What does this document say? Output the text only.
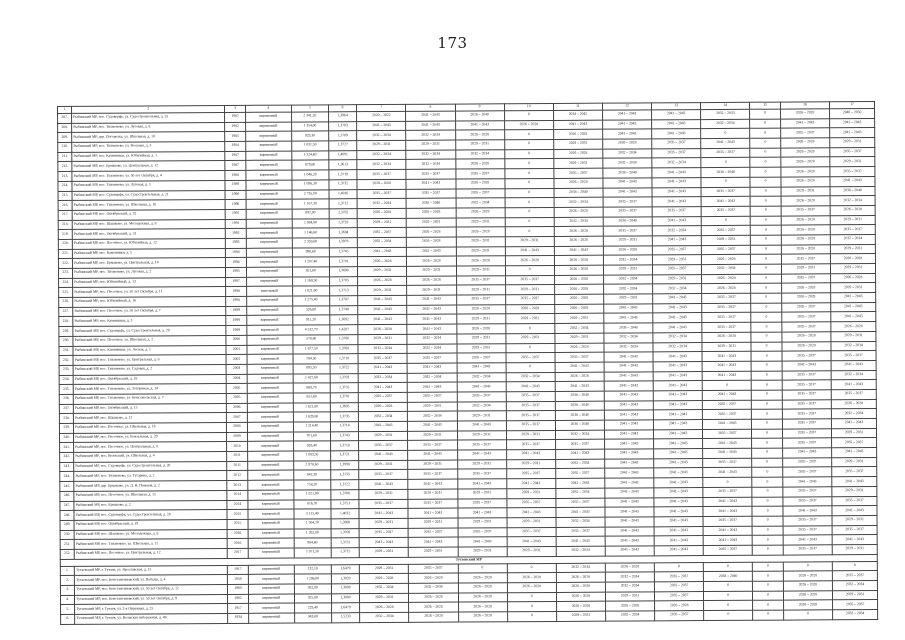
173
1	2	3	4	5	6	7	8	9	10	11	12	13	14	15	16	17
207.	Рыбинский МР, пос. Судоверфь, ул. Судостроительная, д. 25	1987	кирпичный	2 341,20	1,3964	2020 – 2022	2041 – 2043	2026 – 2040	0	2034 – 2045	2041 – 2043	2041 – 2043	2032 – 2033	0	2026 – 2028	2040 – 2050
208.	Рыбинский МР, пос. Тихменево, ул. Луговая, д. 6	1982	кирпичный	1 354,00	1,3703	2041 – 2043	2041 – 2043	2041 – 2043	2026 – 2028	2041 – 2043	2041 – 2043	2041 – 2043	2032 – 2034	0	2041 – 2043	2041 – 2043
209.	Рыбинский МР, дер. Погорелка, ул. Школьная, д. 10	1985	кирпичный	929,30	1,3709	2032 – 2034	2032 – 2034	2026 – 2028	0	2026 – 2028	2041 – 2043	2041 – 2043	0	0	2035 – 2037	2041 – 2043
210.	Рыбинский МР, пос. Тихменево, ул. Восьмая, д. 3	1984	кирпичный	1 031,50	1,3727	2029 – 2031	2029 – 2031	2029 – 2031	0	2029 – 2031	2026 – 2028	2035 – 2037	2041 – 2043	0	2026 – 2028	2029 – 2031
211.	Рыбинский МР, пос. Каменники, ул. Юбилейная, д. 1	1987	кирпичный	1 124,60	1,4091	2032 – 2034	2032 – 2034	2032 – 2034	0	2026 – 2028	2032 – 2034	2035 – 2037	2035 – 2037	0	2026 – 2028	2035 – 2037
212.	Рыбинский МР, пос. Ермаково, ул. Центральная, д. 12	1987	кирпичный	879,60	1,3613	2032 – 2034	2032 – 2034	2026 – 2028	0	2029 – 2031	2032 – 2034	2032 – 2034	0	0	2026 – 2028	2029 – 2031
213.	Рыбинский МР, пос. Тихменево, ул. 50 лет Октября, д. 4	1988	кирпичный	1 046,20	1,3719	2035 – 2037	2035 – 2037	2035 – 2037	0	2035 – 2037	2038 – 2040	2041 – 2043	2038 – 2040	0	2026 – 2028	2035 – 2037
214.	Рыбинский МР, пос. Тихменево, ул. Луговая, д. 5	1989	кирпичный	1 096,30	1,3732	2026 – 2028	2041 – 2043	2026 – 2028	0	2026 – 2028	2041 – 2043	2041 – 2043	0	0	2026 – 2028	2041 – 2043
215.	Рыбинский МР, пос. Судоверфь, ул. Судостроительная, д. 21	1990	кирпичный	2 735,00	1,4016	2035 – 2037	2035 – 2037	2035 – 2037	0	2038 – 2040	2041 – 2043	2041 – 2043	2035 – 2037	0	2029 – 2031	2038 – 2040
216.	Рыбинский МР, пос. Тихменево, ул. Школьная, д. 16	1990	кирпичный	1 167,30	1,3712	2032 – 2034	2038 – 2040	2032 – 2034	0	2032 – 2034	2035 – 2037	2041 – 2043	2041 – 2043	0	2026 – 2028	2032 – 2034
217.	Рыбинский МР, пос. Октябрьский, д. 32	1992	кирпичный	897,90	1,3702	2026 – 2028	2026 – 2028	2026 – 2028	0	2026 – 2028	2035 – 2037	2035 – 2037	2035 – 2037	0	2035 – 2037	2026 – 2028
218.	Рыбинский МР, пос. Шашково, ул. Молодежная, д. 8	1991	кирпичный	1 084,80	1,3728	2029 – 2031	2029 – 2031	2029 – 2031	0	2032 – 2034	2038 – 2040	2041 – 2043	0	0	2026 – 2028	2029 – 2031
219.	Рыбинский МР, пос. Октябрьский, д. 31	1992	кирпичный	1 146,60	1,3694	2035 – 2037	2026 – 2028	2026 – 2028	0	2026 – 2028	2035 – 2037	2032 – 2034	2035 – 2037	0	2026 – 2028	2035 – 2037
220.	Рыбинский МР, пос. Песочное, ул. Юбилейная, д. 12	1993	кирпичный	2 350,60	1,3976	2032 – 2034	2026 – 2028	2029 – 2031	2029 – 2031	2026 – 2028	2029 – 2031	2041 – 2043	2029 – 2031	0	2026 – 2028	2032 – 2034
221.	Рыбинский МР, пос. Каменники, д. 5	1994	кирпичный	990,60	1,3745	2041 – 2043	2041 – 2043	2029 – 2031	2041 – 2043	2041 – 2043	2026 – 2028	2035 – 2037	2035 – 2037	0	2026 – 2028	2029 – 2031
222.	Рыбинский МР, пос. Ермаково, ул. Центральная, д. 14	1994	кирпичный	1 207,40	1,3701	2026 – 2028	2026 – 2028	2026 – 2028	2026 – 2028	2026 – 2028	2032 – 2034	2029 – 2031	2026 – 2028	0	2035 – 2037	2026 – 2028
223.	Рыбинский МР, пос. Тихменево, ул. Луговая, д. 2	1995	кирпичный	851,00	1,3690	2029 – 2031	2029 – 2031	2029 – 2031	0	2026 – 2028	2029 – 2031	2035 – 2037	2032 – 2034	0	2029 – 2031	2029 – 2031
224.	Рыбинский МР, пос. Юбилейный, д. 13	1997	кирпичный	1 160,50	1,3705	2026 – 2028	2026 – 2028	2035 – 2037	2035 – 2037	2026 – 2028	2032 – 2034	2029 – 2031	2026 – 2028	0	2035 – 2037	2026 – 2028
225.	Рыбинский МР, пос. Песочное, ул. 50 лет Октября, д. 11	1998	панельный	1 021,60	1,3713	2029 – 2031	2029 – 2031	2029 – 2031	2029 – 2031	2026 – 2028	2032 – 2034	2032 – 2034	2026 – 2028	0	2026 – 2028	2029 – 2031
226.	Рыбинский МР, пос. Юбилейный, д. 16	1998	кирпичный	1 275,40	1,3707	2041 – 2043	2041 – 2043	2035 – 2037	2035 – 2037	2026 – 2028	2029 – 2031	2041 – 2043	2035 – 2037	0	2026 – 2028	2041 – 2043
227.	Рыбинский МР, пос. Песочное, ул. 50 лет Октября, д. 7	1999	кирпичный	526,00	1,3748	2041 – 2043	2041 – 2043	2026 – 2028	2026 – 2028	2026 – 2028	2041 – 2043	2041 – 2043	2035 – 2037	0	2035 – 2037	2041 – 2043
228.	Рыбинский МР, пос. Каменники, д. 3	1999	кирпичный	911,20	1,3692	2041 – 2043	2041 – 2043	2029 – 2031	2029 – 2031	2029 – 2031	2041 – 2043	2041 – 2043	2035 – 2037	0	2035 – 2037	2041 – 2043
229.	Рыбинский МР, пос. Судоверфь, ул. Судостроительная, д. 29	1999	кирпичный	4 532,70	1,4207	2026 – 2028	2041 – 2043	2026 – 2028	0	2032 – 2034	2038 – 2040	2041 – 2043	2035 – 2037	0	2035 – 2037	2026 – 2028
230.	Рыбинский МР, пос. Песочное, ул. Школьная, д. 2	2000	кирпичный	578,60	1,3760	2029 – 2031	2032 – 2034	2029 – 2031	2029 – 2031	2029 – 2031	2032 – 2034	2032 – 2034	2026 – 2028	0	2026 – 2028	2029 – 2031
231.	Рыбинский МР, пос. Каменники, ул. Лесная, д. 1	2001	кирпичный	1 677,50	1,3768	2032 – 2034	2032 – 2034	2029 – 2031	0	2026 – 2028	2032 – 2034	2032 – 2034	2029 – 2031	0	2026 – 2028	2032 – 2034
232.	Рыбинский МР, пос. Тихменево, ул. Центральная, д. 6	2002	кирпичный	784,50	1,3718	2035 – 2037	2035 – 2037	2035 – 2037	2035 – 2037	2035 – 2037	2041 – 2043	2041 – 2043	2041 – 2043	0	2035 – 2037	2035 – 2037
233.	Рыбинский МР, пос. Тихменево, ул. Садовая, д. 2	2003	кирпичный	895,50	1,3722	2041 – 2043	2041 – 2043	2041 – 2043	0	2041 – 2043	2041 – 2043	2041 – 2043	2041 – 2043	0	2041 – 2043	2041 – 2043
234.	Рыбинский МР, пос. Октябрьский, д. 16	2004	кирпичный	1 427,60	1,3703	2032 – 2034	2032 – 2034	2032 – 2034	2032 – 2034	2026 – 2028	2041 – 2043	2041 – 2043	2041 – 2043	0	2035 – 2037	2032 – 2034
235.	Рыбинский МР, пос. Тихменево, ул. Тепличная, д. 14	2005	кирпичный	869,70	1,3755	2041 – 2043	2041 – 2043	2041 – 2043	2041 – 2043	2041 – 2043	2041 – 2043	2041 – 2043	0	0	2035 – 2037	2041 – 2043
236.	Рыбинский МР, пос. Тихменево, ул. Комсомольская, д. 7	2005	кирпичный	651,60	1,3781	2035 – 2037	2035 – 2037	2035 – 2037	2035 – 2037	2038 – 2040	2041 – 2043	2041 – 2043	2041 – 2043	0	2035 – 2037	2035 – 2037
237.	Рыбинский МР, пос. Октябрьский, д. 15	2006	кирпичный	1 621,80	1,3695	2026 – 2028	2029 – 2031	2032 – 2034	2035 – 2037	2038 – 2040	2041 – 2043	2041 – 2043	2035 – 2037	0	2035 – 2037	2026 – 2028
238.	Рыбинский МР, пос. Шашково, д. 12	2007	кирпичный	1 829,60	1,3735	2032 – 2034	2032 – 2034	2029 – 2031	2035 – 2037	2038 – 2040	2041 – 2043	2041 – 2043	2035 – 2037	0	2035 – 2037	2032 – 2034
239.	Рыбинский МР, пос. Песочное, ул. Школьная, д. 16	2008	кирпичный	1 214,40	1,3714	2041 – 2043	2041 – 2043	2041 – 2043	2035 – 2037	2038 – 2040	2041 – 2043	2041 – 2043	2041 – 2043	0	2035 – 2037	2041 – 2043
240.	Рыбинский МР, пос. Песочное, ул. Вокзальная, д. 29	2009	кирпичный	971,60	1,3743	2029 – 2031	2029 – 2031	2029 – 2031	2029 – 2031	2032 – 2034	2041 – 2043	2041 – 2043	2035 – 2037	0	2035 – 2037	2029 – 2031
241.	Рыбинский МР, пос. Песочное, ул. Центральная, д. 8	2010	кирпичный	926,40	1,3710	2035 – 2037	2035 – 2037	2035 – 2037	2035 – 2037	2035 – 2037	2041 – 2043	2041 – 2043	2041 – 2043	0	2035 – 2037	2035 – 2037
242.	Рыбинский МР, пос. Волжский, ул. Школьная, д. 4	2011	кирпичный	1 093,50	1,3721	2041 – 2043	2041 – 2043	2041 – 2043	2041 – 2043	2041 – 2043	2041 – 2043	2041 – 2043	2041 – 2043	0	2041 – 2043	2041 – 2043
243.	Рыбинский МР, пос. Судоверфь, ул. Судостроительная, д. 20	2011	кирпичный	2 970,60	1,3998	2029 – 2031	2029 – 2031	2029 – 2031	2029 – 2031	2032 – 2034	2041 – 2043	2041 – 2043	2035 – 2037	0	2035 – 2037	2029 – 2031
244.	Рыбинский МР, пос. Тихменево, ул. Тугарина, д. 2	2012	кирпичный	842,30	1,3735	2035 – 2037	2035 – 2037	2035 – 2037	2035 – 2037	2035 – 2037	2041 – 2043	2041 – 2043	2041 – 2043	0	2035 – 2037	2035 – 2037
245.	Рыбинский МР, дер. Ермаково, ул. Д. Н. Пеньков, д. 2	2013	кирпичный	758,20	1,3722	2041 – 2043	2041 – 2043	2041 – 2043	2041 – 2043	2041 – 2043	2041 – 2043	2041 – 2043	0	0	2041 – 2043	2041 – 2043
246.	Рыбинский МР, пос. Песочное, ул. Школьная, д. 15	2014	кирпичный	1 021,90	1,3706	2029 – 2031	2029 – 2031	2029 – 2031	2029 – 2031	2032 – 2034	2041 – 2043	2041 – 2043	2035 – 2037	0	2035 – 2037	2029 – 2031
247.	Рыбинский МР, пос. Ермаково, д. 2	2014	кирпичный	816,70	1,3751	2035 – 2037	2035 – 2037	2035 – 2037	2035 – 2037	2035 – 2037	2041 – 2043	2041 – 2043	2041 – 2043	0	2035 – 2037	2035 – 2037
248.	Рыбинский МР, пос. Судоверфь, ул. Судостроительная, д. 28	2015	кирпичный	3 115,40	1,4032	2041 – 2043	2041 – 2043	2041 – 2043	2041 – 2043	2041 – 2043	2041 – 2043	2041 – 2043	2041 – 2043	0	2041 – 2043	2041 – 2043
249.	Рыбинский МР, пос. Октябрьский, д. 19	2015	кирпичный	1 564,10	1,3698	2029 – 2031	2029 – 2031	2029 – 2031	2029 – 2031	2032 – 2034	2041 – 2043	2041 – 2043	2035 – 2037	0	2035 – 2037	2029 – 2031
250.	Рыбинский МР, пос. Шашково, ул. Молодежная, д. 6	2016	кирпичный	1 262,80	1,3709	2035 – 2037	2035 – 2037	2035 – 2037	2035 – 2037	2035 – 2037	2041 – 2043	2041 – 2043	2041 – 2043	0	2035 – 2037	2035 – 2037
251.	Рыбинский МР, пос. Тихменево, ул. Школьная, д. 11	2016	кирпичный	984,60	1,3731	2041 – 2043	2041 – 2043	2041 – 2043	2041 – 2043	2041 – 2043	2041 – 2043	2041 – 2043	2041 – 2043	0	2041 – 2043	2041 – 2043
252.	Рыбинский МР, пос. Песочное, ул. Центральная, д. 12	2017	кирпичный	1 071,50	1,3715	2029 – 2031	2029 – 2031	2029 – 2031	2029 – 2031	2032 – 2034	2041 – 2043	2041 – 2043	2035 – 2037	0	2035 – 2037	2029 – 2031
Тутаевский МР																
1.	Тутаевский МР, г. Тутаев, ул. Ярославская, д. 15	1917	кирпичный	232,10	1,6479	2029 – 2031	2035 – 2037	0	0	2032 – 2034	2026 – 2028	0	0	0	0	0
2.	Тутаевский МР, пос. Константиновский, ул. Победы, д. 4	1959	кирпичный	1 286,00	1,3820	2026 – 2028	2026 – 2028	2026 – 2028	2026 – 2028	2026 – 2028	2032 – 2034	2035 – 2037	2038 – 2040	0	2026 – 2028	2035 – 2037
3.	Тутаевский МР, пос. Константиновский, ул. 50 лет Октября, д. 12	1960	кирпичный	382,00	1,3880	2032 – 2034	2032 – 2034	2026 – 2028	2026 – 2028	2026 – 2028	2032 – 2034	2035 – 2037	0	0	2026 – 2028	2032 – 2034
4.	Тутаевский МР, пос. Константиновский, ул. 50 лет Октября, д. 9	1962	кирпичный	355,00	1,3880	2029 – 2031	2026 – 2028	2026 – 2028	0	2026 – 2028	2029 – 2031	2035 – 2037	0	0	2026 – 2028	2029 – 2031
5.	Тутаевский МР, г. Тутаев, ул. 2-я Овражная, д. 25	1917	кирпичный	229,40	1,6479	2026 – 2028	2026 – 2028	2026 – 2028	0	2026 – 2028	2026 – 2028	2026 – 2028	0	0	2026 – 2028	2035 – 2037
6.	Тутаевский МР, г. Тутаев, ул. Волжская набережная, д. 49	1934	кирпичный	343,00	1,5233	2032 – 2034	2026 – 2028	2026 – 2028	0	2029 – 2031	2032 – 2034	2035 – 2037	0	0	0	2032 – 2034
